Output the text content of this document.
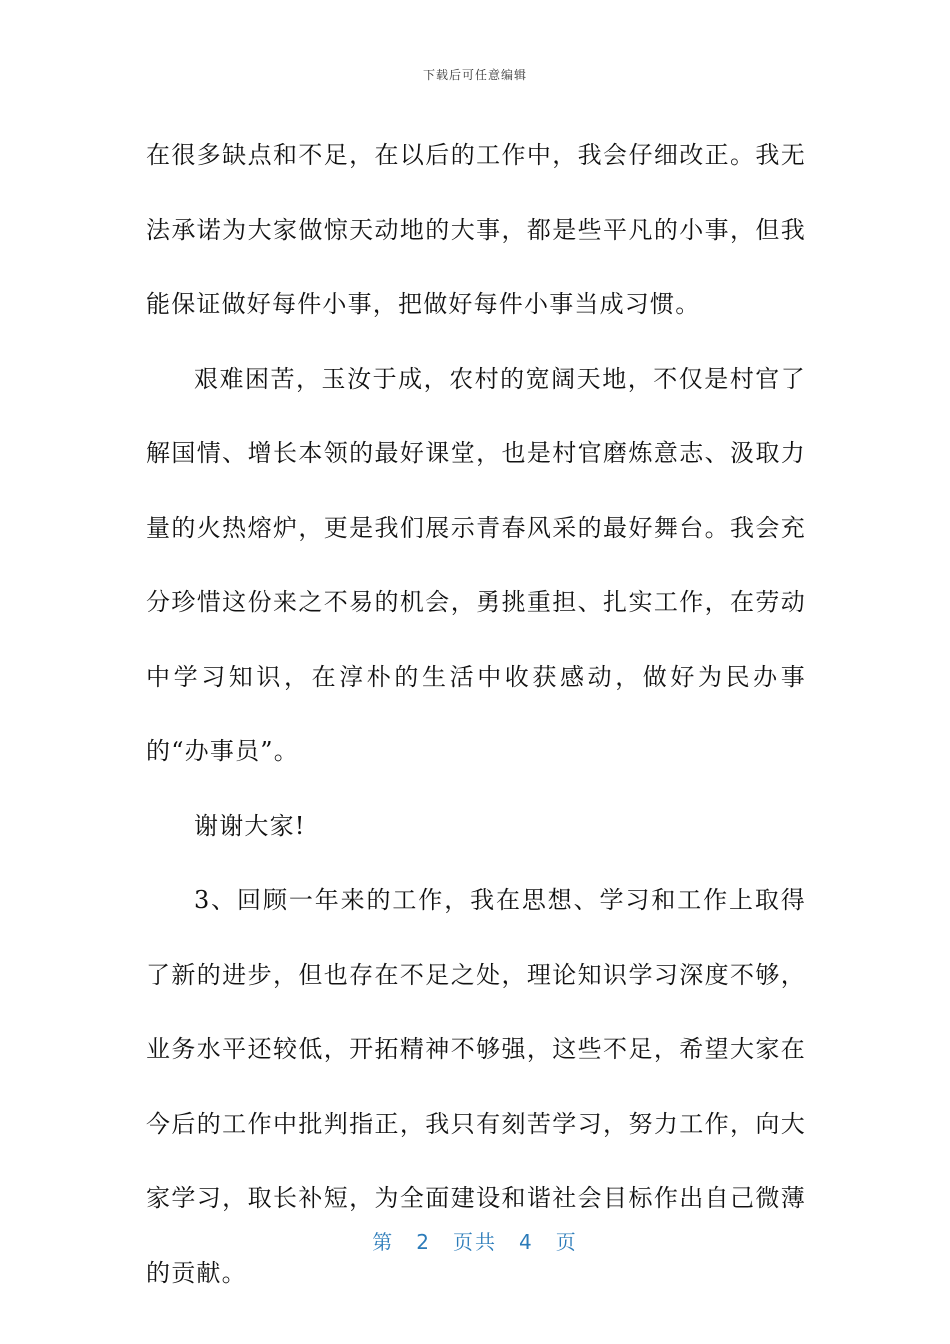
下载后可任意编辑

在很多缺点和不足，在以后的工作中，我会仔细改正。我无法承诺为大家做惊天动地的大事，都是些平凡的小事，但我能保证做好每件小事，把做好每件小事当成习惯。

艰难困苦，玉汝于成，农村的宽阔天地，不仅是村官了解国情、增长本领的最好课堂，也是村官磨炼意志、汲取力量的火热熔炉，更是我们展示青春风采的最好舞台。我会充分珍惜这份来之不易的机会，勇挑重担、扎实工作，在劳动中学习知识，在淳朴的生活中收获感动，做好为民办事的“办事员”。

谢谢大家!

3、回顾一年来的工作，我在思想、学习和工作上取得了新的进步，但也存在不足之处，理论知识学习深度不够，业务水平还较低，开拓精神不够强，这些不足，希望大家在今后的工作中批判指正，我只有刻苦学习，努力工作，向大家学习，取长补短，为全面建设和谐社会目标作出自己微薄的贡献。

第 2 页共 4 页
